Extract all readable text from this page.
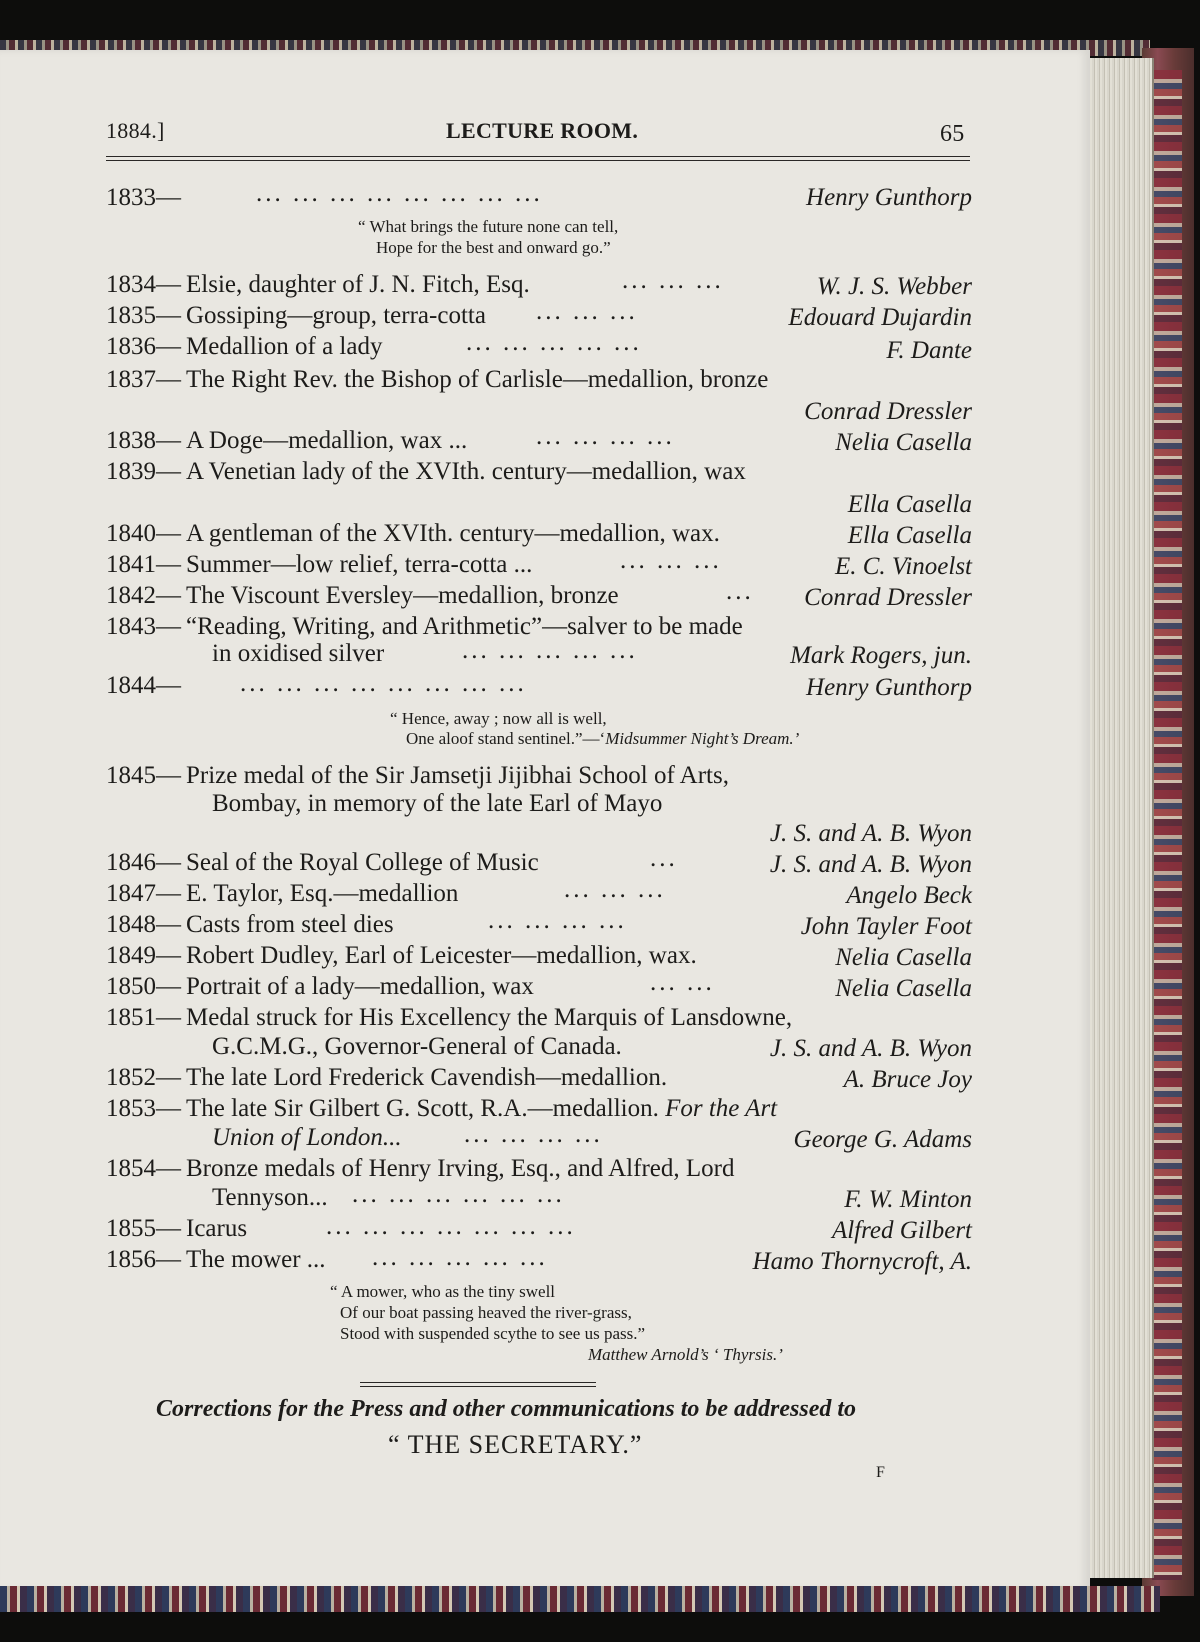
1884.]	LECTURE ROOM.	65
1833—	... ... ... ... ... ... ... ...	Henry Gunthorp
“ What brings the future none can tell,
Hope for the best and onward go.”
1834— Elsie, daughter of J. N. Fitch, Esq.	... ... ...	W. J. S. Webber
1835— Gossiping—group, terra-cotta ... ... ...	Edouard Dujardin
1836— Medallion of a lady	... ... ... ... ...	F. Dante
1837— The Right Rev. the Bishop of Carlisle—medallion, bronze
Conrad Dressler
1838— A Doge—medallion, wax ...	... ... ... ...	Nelia Casella
1839— A Venetian lady of the XVIth. century—medallion, wax
Ella Casella
1840— A gentleman of the XVIth. century—medallion, wax.	Ella Casella
1841— Summer—low relief, terra-cotta ...	... ... ...	E. C. Vinoelst
1842— The Viscount Eversley—medallion, bronze	... Conrad Dressler
1843— “Reading, Writing, and Arithmetic”—salver to be made
in oxidised silver	... ... ... ... ...	Mark Rogers, jun.
1844— ... ... ... ... ... ... ... ...	Henry Gunthorp
“ Hence, away ; now all is well,
One aloof stand sentinel.”—‘Midsummer Night’s Dream.’
1845— Prize medal of the Sir Jamsetji Jijibhai School of Arts,
Bombay, in memory of the late Earl of Mayo
J. S. and A. B. Wyon
1846— Seal of the Royal College of Music	...	J. S. and A. B. Wyon
1847— E. Taylor, Esq.—medallion	... ... ...	Angelo Beck
1848— Casts from steel dies	... ... ... ...	John Tayler Foot
1849— Robert Dudley, Earl of Leicester—medallion, wax.	Nelia Casella
1850— Portrait of a lady—medallion, wax	... ...	Nelia Casella
1851— Medal struck for His Excellency the Marquis of Lansdowne,
G.C.M.G., Governor-General of Canada.	J. S. and A. B. Wyon
1852— The late Lord Frederick Cavendish—medallion.	A. Bruce Joy
1853— The late Sir Gilbert G. Scott, R.A.—medallion. For the Art
Union of London... ... ... ... ...	George G. Adams
1854— Bronze medals of Henry Irving, Esq., and Alfred, Lord
Tennyson... ... ... ... ... ... ...	F. W. Minton
1855— Icarus	... ... ... ... ... ... ...	Alfred Gilbert
1856— The mower ... ... ... ... ... ...	Hamo Thornycroft, A.
“ A mower, who as the tiny swell
Of our boat passing heaved the river-grass,
Stood with suspended scythe to see us pass.”
Matthew Arnold’s ‘ Thyrsis.’
Corrections for the Press and other communications to be addressed to
“ THE SECRETARY.”
F
